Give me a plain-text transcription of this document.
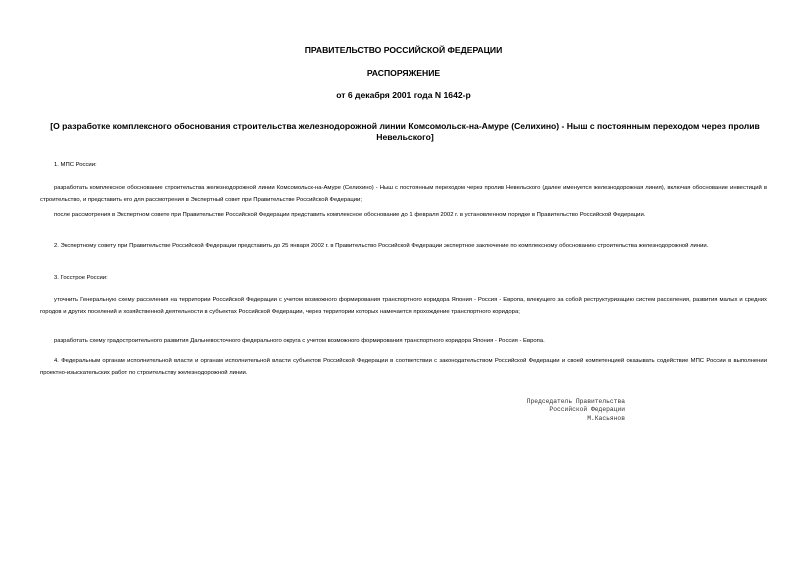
ПРАВИТЕЛЬСТВО РОССИЙСКОЙ ФЕДЕРАЦИИ
РАСПОРЯЖЕНИЕ
от 6 декабря 2001 года N 1642-р
[О разработке комплексного обоснования строительства железнодорожной линии Комсомольск-на-Амуре (Селихино) - Ныш с постоянным переходом через пролив Невельского]
1. МПС России:
разработать комплексное обоснование строительства железнодорожной линии Комсомольск-на-Амуре (Селихино) - Ныш с постоянным переходом через пролив Невельского (далее именуется железнодорожная линия), включая обоснование инвестиций в строительство, и представить его для рассмотрения в Экспертный совет при Правительстве Российской Федерации;
после рассмотрения в Экспертном совете при Правительстве Российской Федерации представить комплексное обоснование до 1 февраля 2002 г. в установленном порядке в Правительство Российской Федерации.
2. Экспертному совету при Правительстве Российской Федерации представить до 25 января 2002 г. в Правительство Российской Федерации экспертное заключение по комплексному обоснованию строительства железнодорожной линии.
3. Госстрое России:
уточнить Генеральную схему расселения на территории Российской Федерации с учетом возможного формирования транспортного коридора Япония - Россия - Европа, влекущего за собой реструктуризацию систем расселения, развития малых и средних городов и других поселений и хозяйственной деятельности в субъектах Российской Федерации, через территории которых намечается прохождение транспортного коридора;
разработать схему градостроительного развития Дальневосточного федерального округа с учетом возможного формирования транспортного коридора Япония - Россия - Европа.
4. Федеральным органам исполнительной власти и органам исполнительной власти субъектов Российской Федерации в соответствии с законодательством Российской Федерации и своей компетенцией оказывать содействие МПС России в выполнении проектно-изыскательских работ по строительству железнодорожной линии.
Председатель Правительства
Российской Федерации
М.Касьянов
